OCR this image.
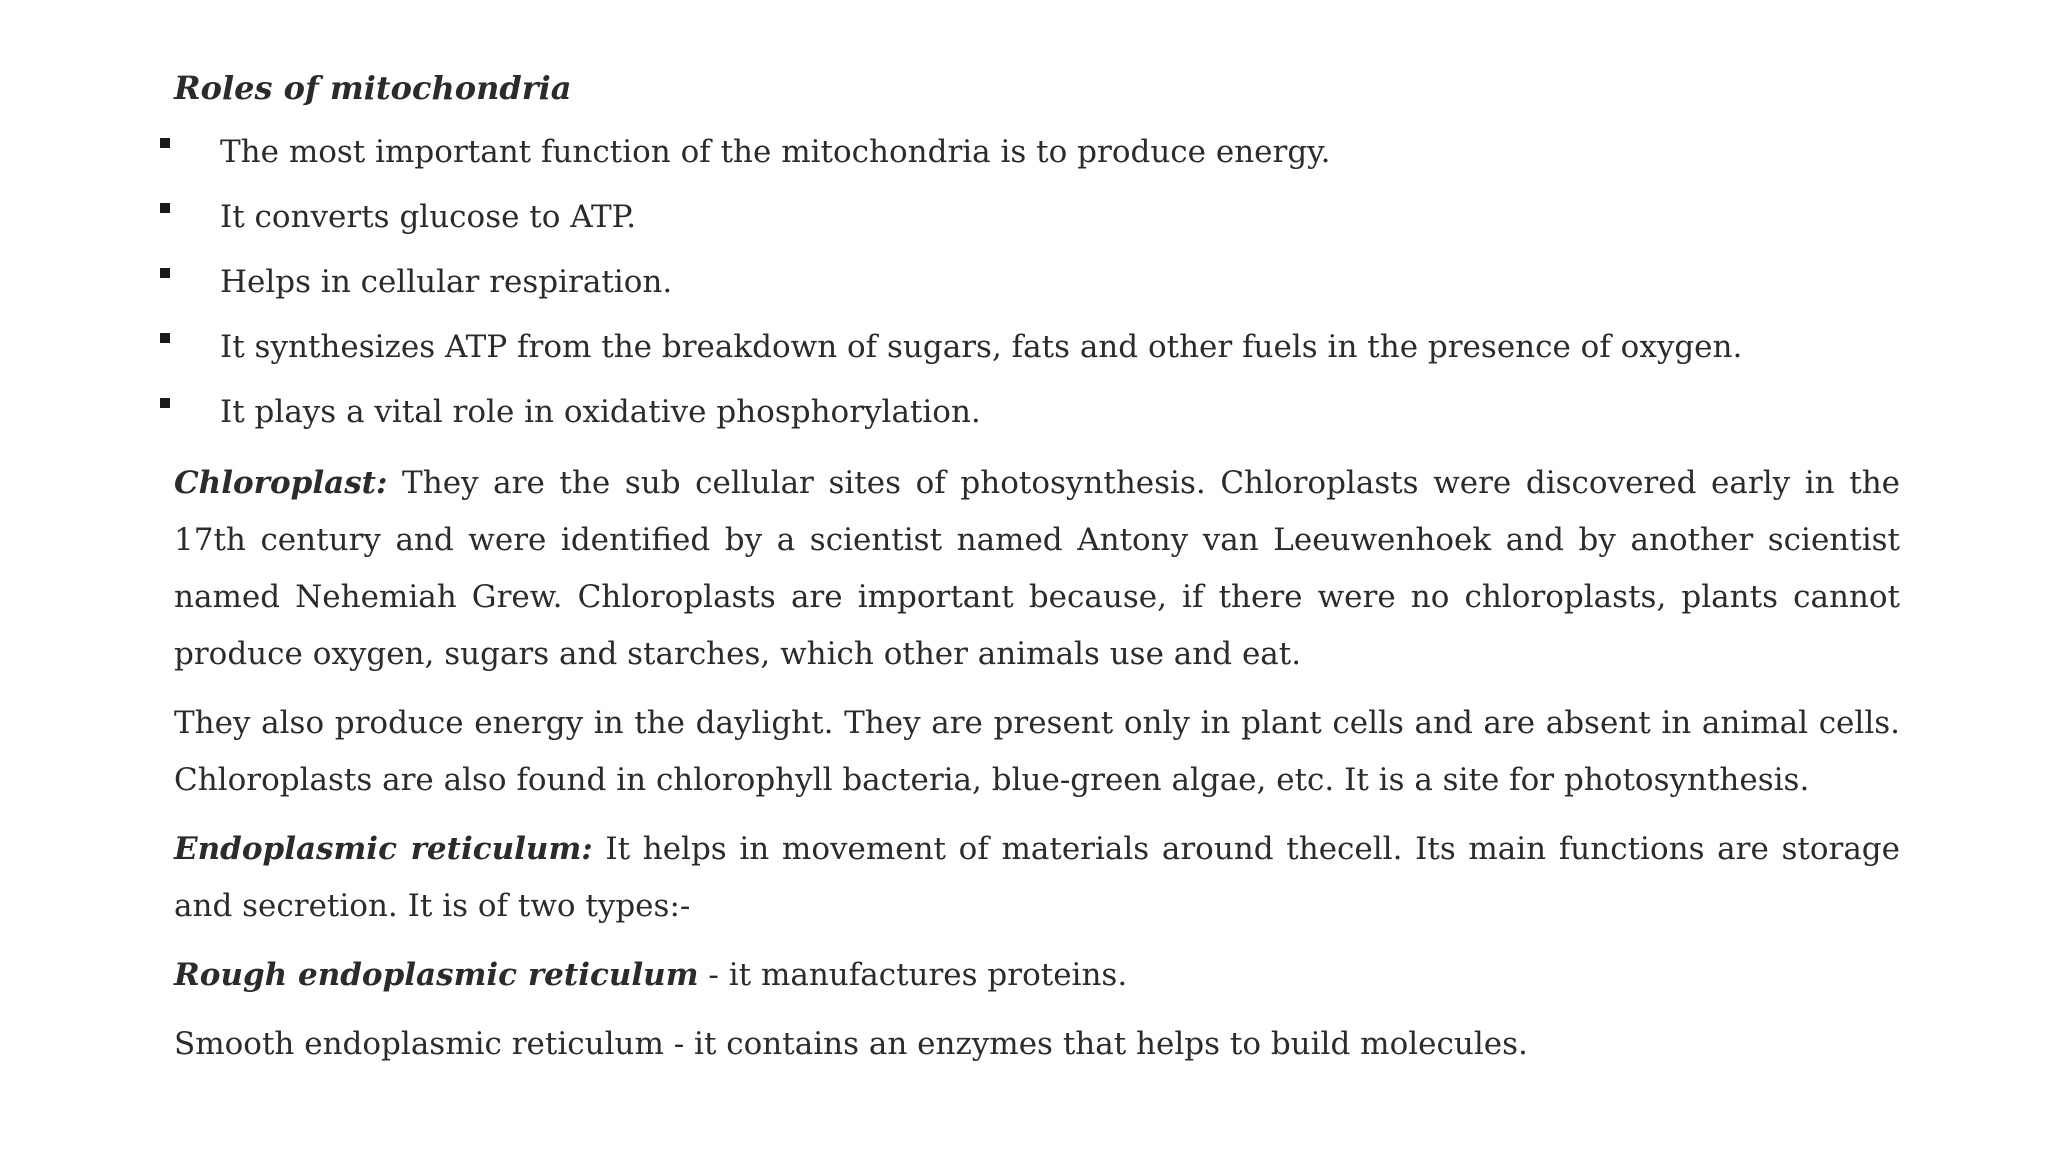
Roles of mitochondria
The most important function of the mitochondria is to produce energy.
It converts glucose to ATP.
Helps in cellular respiration.
It synthesizes ATP from the breakdown of sugars, fats and other fuels in the presence of oxygen.
It plays a vital role in oxidative phosphorylation.

Chloroplast: They are the sub cellular sites of photosynthesis. Chloroplasts were discovered early in the 17th century and were identified by a scientist named Antony van Leeuwenhoek and by another scientist named Nehemiah Grew. Chloroplasts are important because, if there were no chloroplasts, plants cannot produce oxygen, sugars and starches, which other animals use and eat.

They also produce energy in the daylight. They are present only in plant cells and are absent in animal cells. Chloroplasts are also found in chlorophyll bacteria, blue-green algae, etc. It is a site for photosynthesis.

Endoplasmic reticulum: It helps in movement of materials around thecell. Its main functions are storage and secretion. It is of two types:-

Rough endoplasmic reticulum - it manufactures proteins.

Smooth endoplasmic reticulum - it contains an enzymes that helps to build molecules.
